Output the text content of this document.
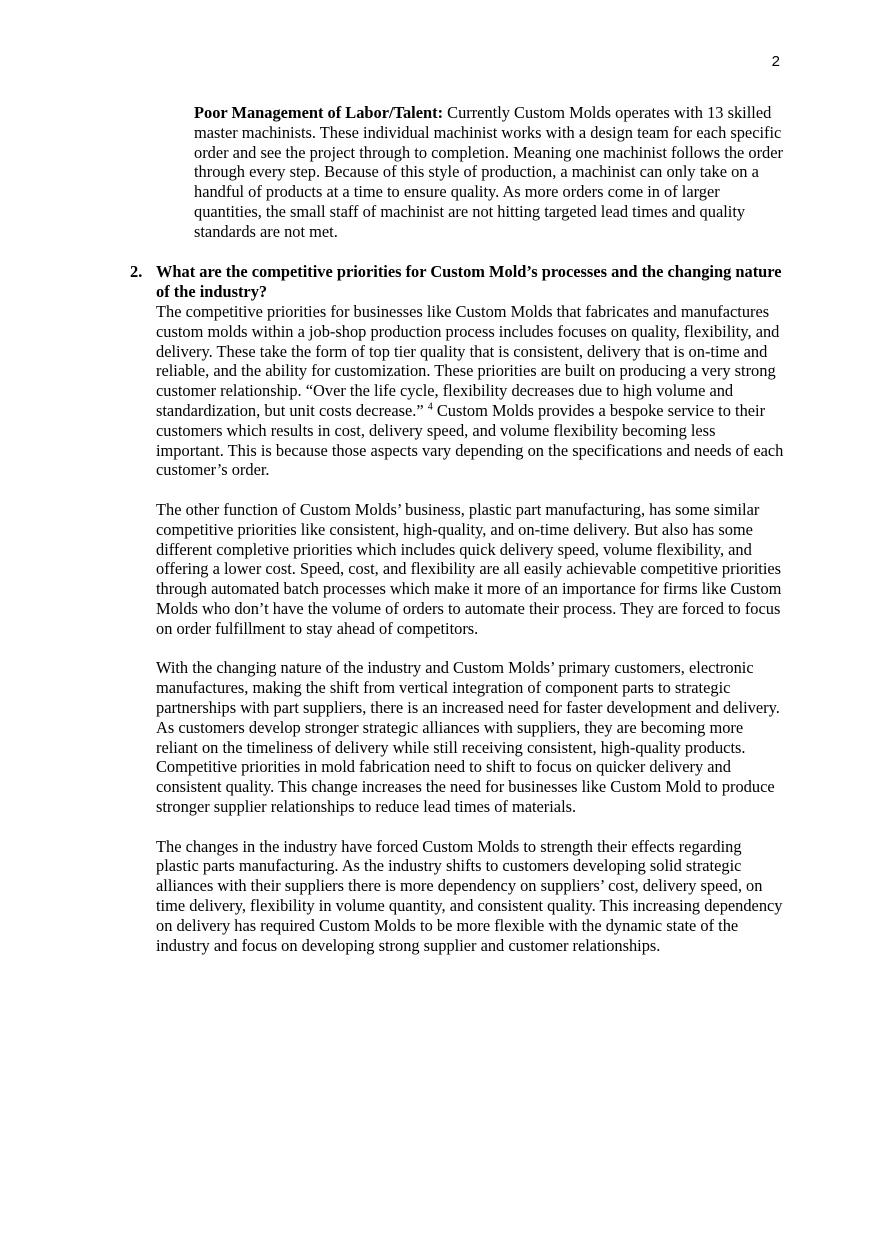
2

Poor Management of Labor/Talent: Currently Custom Molds operates with 13 skilled master machinists. These individual machinist works with a design team for each specific order and see the project through to completion. Meaning one machinist follows the order through every step. Because of this style of production, a machinist can only take on a handful of products at a time to ensure quality. As more orders come in of larger quantities, the small staff of machinist are not hitting targeted lead times and quality standards are not met.

2. What are the competitive priorities for Custom Mold’s processes and the changing nature of the industry?

The competitive priorities for businesses like Custom Molds that fabricates and manufactures custom molds within a job-shop production process includes focuses on quality, flexibility, and delivery. These take the form of top tier quality that is consistent, delivery that is on-time and reliable, and the ability for customization. These priorities are built on producing a very strong customer relationship. “Over the life cycle, flexibility decreases due to high volume and standardization, but unit costs decrease.” $^4$ Custom Molds provides a bespoke service to their customers which results in cost, delivery speed, and volume flexibility becoming less important. This is because those aspects vary depending on the specifications and needs of each customer’s order.

The other function of Custom Molds’ business, plastic part manufacturing, has some similar competitive priorities like consistent, high-quality, and on-time delivery. But also has some different completive priorities which includes quick delivery speed, volume flexibility, and offering a lower cost. Speed, cost, and flexibility are all easily achievable competitive priorities through automated batch processes which make it more of an importance for firms like Custom Molds who don’t have the volume of orders to automate their process. They are forced to focus on order fulfillment to stay ahead of competitors.

With the changing nature of the industry and Custom Molds’ primary customers, electronic manufactures, making the shift from vertical integration of component parts to strategic partnerships with part suppliers, there is an increased need for faster development and delivery. As customers develop stronger strategic alliances with suppliers, they are becoming more reliant on the timeliness of delivery while still receiving consistent, high-quality products. Competitive priorities in mold fabrication need to shift to focus on quicker delivery and consistent quality. This change increases the need for businesses like Custom Mold to produce stronger supplier relationships to reduce lead times of materials.

The changes in the industry have forced Custom Molds to strength their effects regarding plastic parts manufacturing. As the industry shifts to customers developing solid strategic alliances with their suppliers there is more dependency on suppliers’ cost, delivery speed, on time delivery, flexibility in volume quantity, and consistent quality. This increasing dependency on delivery has required Custom Molds to be more flexible with the dynamic state of the industry and focus on developing strong supplier and customer relationships.
